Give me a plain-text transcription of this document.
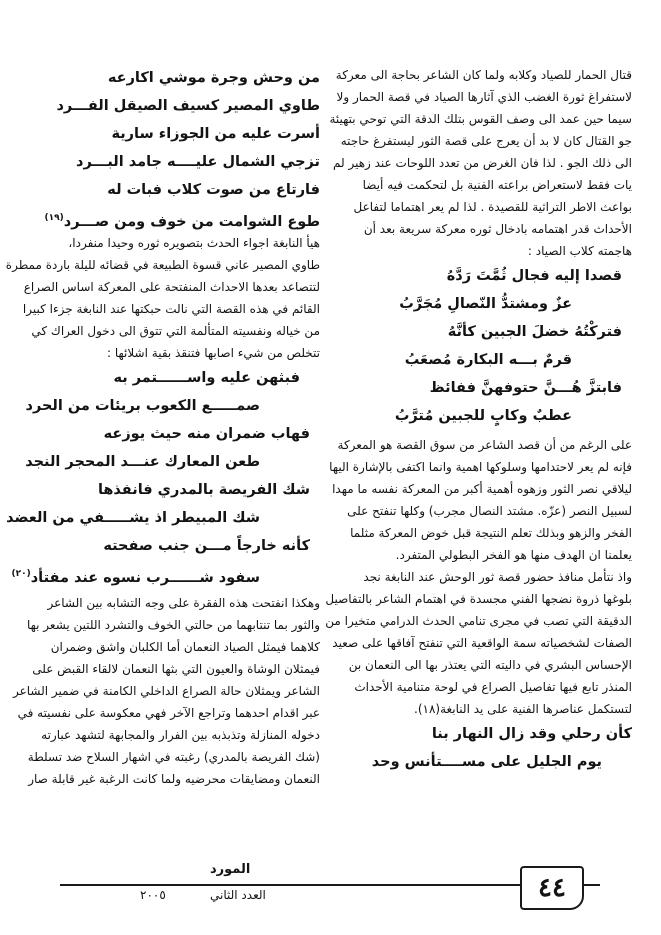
قتال الحمار للصياد وكلابه ولما كان الشاعر بحاجة الى معركة
لاستفراغ ثورة الغضب الذي آثارها الصياد في قصة الحمار ولا
سيما حين عمد الى وصف القوس بتلك الدقة التي توحي بتهيئة
جو القتال كان لا بد أن يعرج على قصة الثور ليستفرغ حاجته
الى ذلك الجو . لذا فان الغرض من تعدد اللوحات عند زهير لم
يات فقط لاستعراض براعته الفنية بل لتحكمت فيه أيضا
بواعث الاطر التراثية للقصيدة . لذا لم يعر اهتماما لتفاعل
الأحداث قدر اهتمامه بادخال ثوره معركة سريعة بعد أن
هاجمته كلاب الصياد :
قصدا إليه فجال ثُمَّتَ رَدَّهُ
عزٌ ومشتدُّ النّصالِ مُجَرَّبُ
فتركْتُهُ خضلَ الجبين كأنَّهُ
قرمٌ بـــه البكارة مُصعَبُ
فابتزَّ هُـــنَّ حتوفهنَّ ففائظ
عطبٌ وكابٍ للجبين مُترَّبُ
على الرغم من أن قصد الشاعر من سوق القصة هو المعركة
فإنه لم يعر لاحتدامها وسلوكها اهمية وانما اكتفى بالإشارة اليها
ليلاقي نصر الثور وزهوه أهمية أكبر من المعركة نفسه ما مهدا
لسبيل النصر (عزّه. مشتد النصال مجرب) وكلها تنفتح على
الفخر والزهو وبذلك تعلم النتيجة قبل خوض المعركة مثلما
يعلمنا ان الهدف منها هو الفخر البطولي المتفرد.
واذ نتأمل منافذ حضور قصة ثور الوحش عند النابغة نجد
بلوغها ذروة نضجها الفني مجسدة في اهتمام الشاعر بالتفاصيل
الدقيقة التي تصب في مجرى تنامي الحدث الدرامي متخيرا من
الصفات لشخصياته سمة الواقعية التي تنفتح آفاقها على صعيد
الإحساس البشري في داليته التي يعتذر بها الى النعمان بن
المنذر تابع فيها تفاصيل الصراع في لوحة متنامية الأحداث
لتستكمل عناصرها الفنية على يد النابغة(١٨).
كأن رحلي وقد زال النهار بنا
يوم الجليل على مســــتأنس وحد
من وحش وجرة موشي اكارعه
طاوي المصير كسيف الصيقل الفـــرد
أسرت عليه من الجوزاء سارية
تزجي الشمال عليــــه جامد البـــرد
فارتاع من صوت كلاب فبات له
طوع الشوامت من خوف ومن صـــرد$^{(١٩)}$
هيأ النابغة اجواء الحدث بتصويره ثوره وحيدا منفردا،
طاوي المصير عاني قسوة الطبيعة في قضائه لليلة باردة ممطرة
لتتصاعد بعدها الاحداث المنفتحة على المعركة اساس الصراع
القائم في هذه القصة التي نالت حبكتها عند النابغة جزءا كبيرا
من خياله ونفسيته المتألمة التي تتوق الى دخول العراك كي
تتخلص من شيء اصابها فتنقذ بقية اشلائها :
فبثهن عليه واســــــتمر به
صمـــــع الكعوب بريئات من الحرد
فهاب ضمران منه حيث يوزعه
طعن المعارك عنـــد المحجر النجد
شك الفريصة بالمدري فانفذها
شك المبيطر اذ يشـــــفي من العضد
كأنه خارجاً مـــن جنب صفحته
سفود شــــــرب نسوه عند مفتأد$^{(٢٠)}$
وهكذا انفتحت هذه الفقرة على وجه التشابه بين الشاعر
والثور بما تنتابهما من حالتي الخوف والتشرد اللتين يشعر بها
كلاهما فيمثل الصياد النعمان أما الكلبان واشق وضمران
فيمثلان الوشاة والعيون التي بثها النعمان لالقاء القبض على
الشاعر ويمثلان حالة الصراع الداخلي الكامنة في ضمير الشاعر
عبر اقدام احدهما وتراجع الآخر فهي معكوسة على نفسيته في
دخوله المنازلة وتذبذبه بين الفرار والمجابهة لتشهد عبارته
(شك الفريصة بالمدري) رغبته في اشهار السلاح ضد تسلطة
النعمان ومضايقات محرضيه ولما كانت الرغبة غير قابلة صار
٤٤
المورد
العدد الثاني
٢٠٠٥
